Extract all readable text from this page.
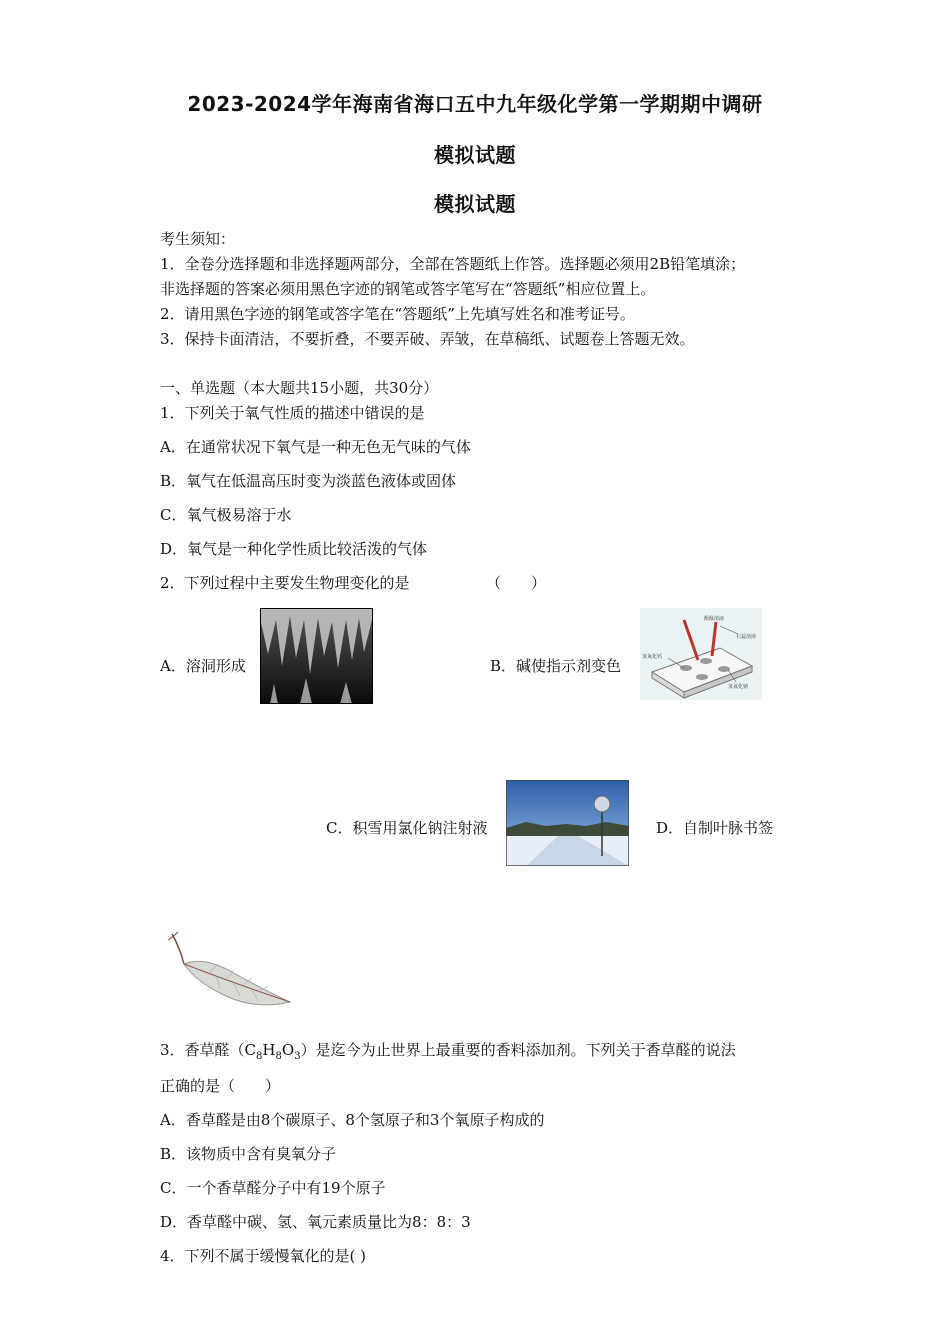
2023-2024学年海南省海口五中九年级化学第一学期期中调研
模拟试题
模拟试题
考生须知：
1．全卷分选择题和非选择题两部分，全部在答题纸上作答。选择题必须用2B铅笔填涂；
非选择题的答案必须用黑色字迹的钢笔或答字笔写在“答题纸”相应位置上。
2．请用黑色字迹的钢笔或答字笔在“答题纸”上先填写姓名和准考证号。
3．保持卡面清洁，不要折叠，不要弄破、弄皱，在草稿纸、试题卷上答题无效。
一、单选题（本大题共15小题，共30分）
1．下列关于氧气性质的描述中错误的是
A．在通常状况下氧气是一种无色无气味的气体
B．氧气在低温高压时变为淡蓝色液体或固体
C．氧气极易溶于水
D．氧气是一种化学性质比较活泼的气体
2．下列过程中主要发生物理变化的是	（　　）
A．溶洞形成	B．碱使指示剂变色
酚酞溶液
石蕊溶液
氢氧化钙
氢氧化钠
C．积雪用氯化钠注射液	D．自制叶脉书签
3．香草醛$(C_8H_8O_3)$是迄今为止世界上最重要的香料添加剂。下列关于香草醛的说法
正确的是（　　）
A．香草醛是由8个碳原子、8个氢原子和3个氧原子构成的
B．该物质中含有臭氧分子
C．一个香草醛分子中有19个原子
D．香草醛中碳、氢、氧元素质量比为8：8：3
4．下列不属于缓慢氧化的是( )
